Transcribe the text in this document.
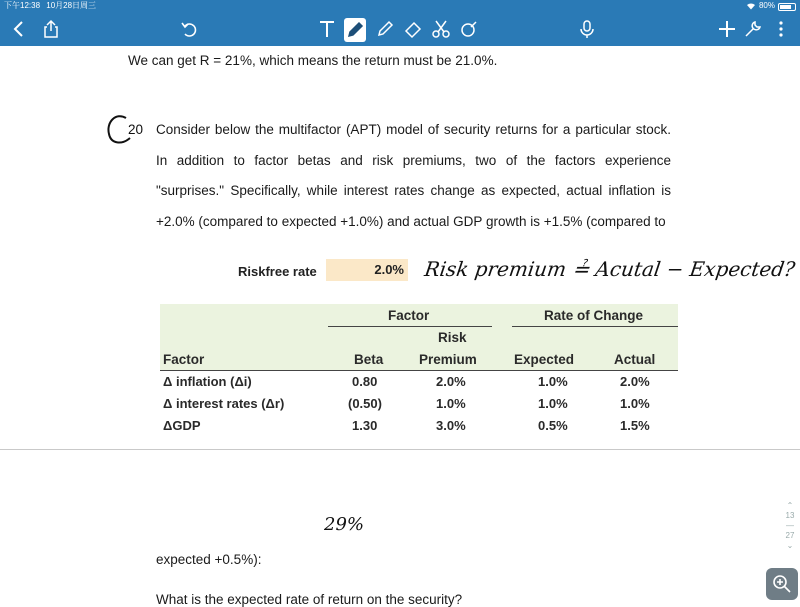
下午12:38 10月28日周三	80%
We can get R = 21%, which means the return must be 21.0%.
20 Consider below the multifactor (APT) model of security returns for a particular stock.
In addition to factor betas and risk premiums, two of the factors experience
"surprises." Specifically, while interest rates change as expected, actual inflation is
+2.0% (compared to expected +1.0%) and actual GDP growth is +1.5% (compared to
Riskfree rate	2.0% Risk premium ≟ Acutal − Expected?
Factor	Rate of Change
Risk
Factor	Beta	Premium	Expected	Actual
Δ inflation (Δi)	0.80	2.0%	1.0%	2.0%
Δ interest rates (Δr)	(0.50)	1.0%	1.0%	1.0%
ΔGDP	1.30	3.0%	0.5%	1.5%
29%
expected +0.5%):
What is the expected rate of return on the security?
⌃
13
—
27
⌄
